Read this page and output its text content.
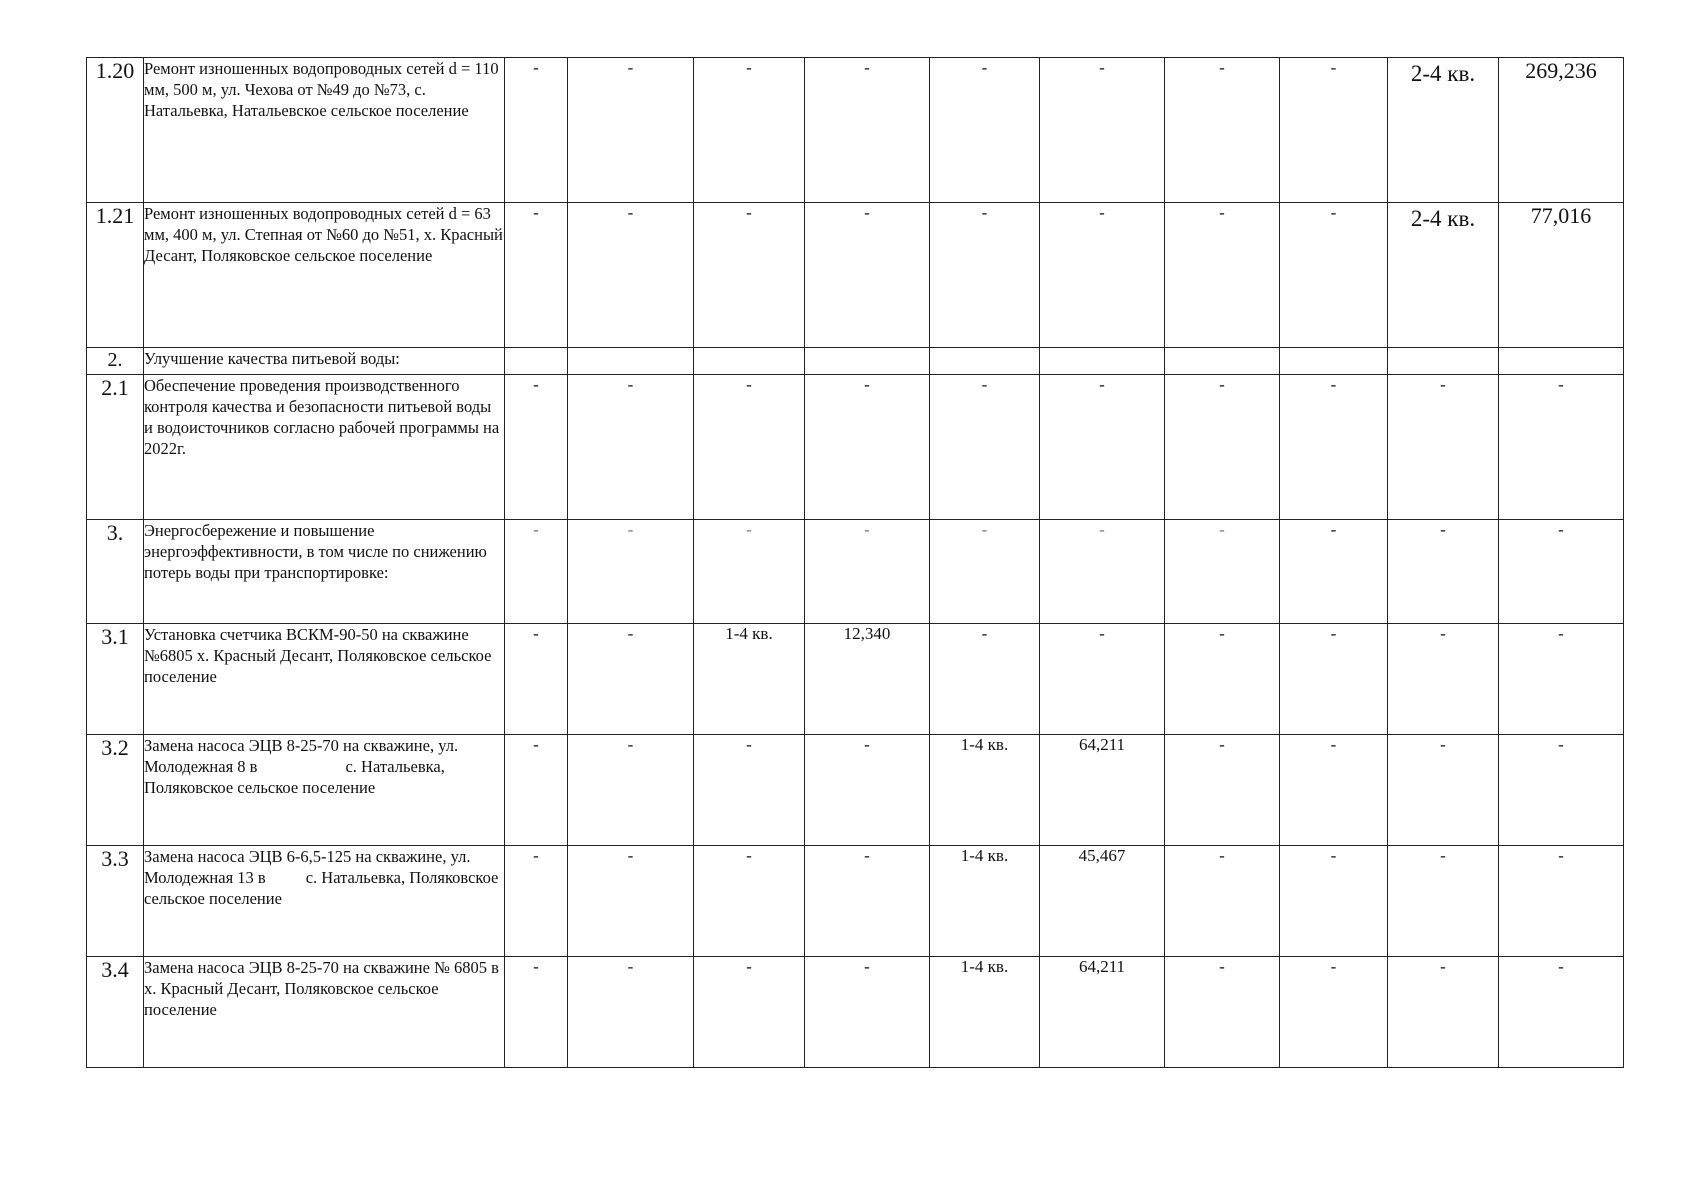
1.20	Ремонт изношенных водопроводных сетей d = 110 мм, 500 м, ул. Чехова от №49 до №73, с. Натальевка, Натальевское сельское поселение	-	-	-	-	-	-	-	-	2-4 кв.	269,236
1.21	Ремонт изношенных водопроводных сетей d = 63 мм, 400 м, ул. Степная от №60 до №51, х. Красный Десант, Поляковское сельское поселение	-	-	-	-	-	-	-	-	2-4 кв.	77,016
2.	Улучшение качества питьевой воды:										
2.1	Обеспечение проведения производственного контроля качества и безопасности питьевой воды и водоисточников согласно рабочей программы на 2022г.	-	-	-	-	-	-	-	-	-	-
3.	Энергосбережение и повышение энергоэффективности, в том числе по снижению потерь воды при транспортировке:	-	-	-	-	-	-	-	-	-	-
3.1	Установка счетчика ВСКМ-90-50 на скважине №6805 х. Красный Десант, Поляковское сельское поселение	-	-	1-4 кв.	12,340	-	-	-	-	-	-
3.2	Замена насоса ЭЦВ 8-25-70 на скважине, ул. Молодежная 8 в с. Натальевка, Поляковское сельское поселение	-	-	-	-	1-4 кв.	64,211	-	-	-	-
3.3	Замена насоса ЭЦВ 6-6,5-125 на скважине, ул. Молодежная 13 в с. Натальевка, Поляковское сельское поселение	-	-	-	-	1-4 кв.	45,467	-	-	-	-
3.4	Замена насоса ЭЦВ 8-25-70 на скважине № 6805 в х. Красный Десант, Поляковское сельское поселение	-	-	-	-	1-4 кв.	64,211	-	-	-	-
